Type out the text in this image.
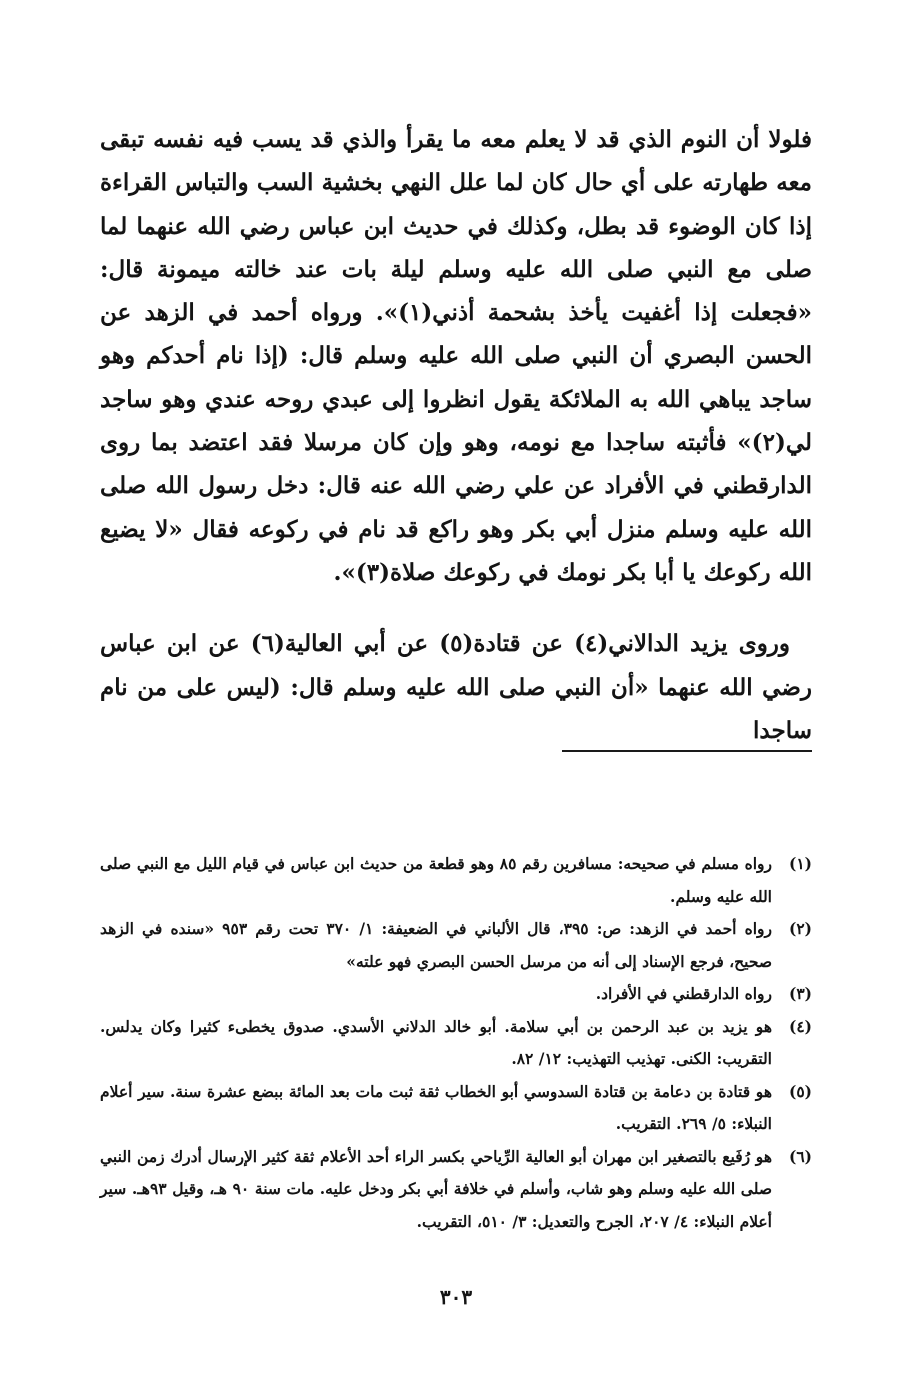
فلولا أن النوم الذي قد لا يعلم معه ما يقرأ والذي قد يسب فيه نفسه تبقى معه طهارته على أي حال كان لما علل النهي بخشية السب والتباس القراءة إذا كان الوضوء قد بطل، وكذلك في حديث ابن عباس رضي الله عنهما لما صلى مع النبي صلى الله عليه وسلم ليلة بات عند خالته ميمونة قال: «فجعلت إذا أغفيت يأخذ بشحمة أذني(١)». ورواه أحمد في الزهد عن الحسن البصري أن النبي صلى الله عليه وسلم قال: (إذا نام أحدكم وهو ساجد يباهي الله به الملائكة يقول انظروا إلى عبدي روحه عندي وهو ساجد لي(٢)» فأثبته ساجدا مع نومه، وهو وإن كان مرسلا فقد اعتضد بما روى الدارقطني في الأفراد عن علي رضي الله عنه قال: دخل رسول الله صلى الله عليه وسلم منزل أبي بكر وهو راكع قد نام في ركوعه فقال «لا يضيع الله ركوعك يا أبا بكر نومك في ركوعك صلاة(٣)».

وروى يزيد الدالاني(٤) عن قتادة(٥) عن أبي العالية(٦) عن ابن عباس رضي الله عنهما «أن النبي صلى الله عليه وسلم قال: (ليس على من نام ساجدا

(١)
رواه مسلم في صحيحه: مسافرين رقم ٨٥ وهو قطعة من حديث ابن عباس في قيام الليل مع النبي صلى الله عليه وسلم.
(٢)
رواه أحمد في الزهد: ص: ٣٩٥، قال الألباني في الضعيفة: ١/ ٣٧٠ تحت رقم ٩٥٣ «سنده في الزهد صحيح، فرجع الإسناد إلى أنه من مرسل الحسن البصري فهو علته»
(٣)
رواه الدارقطني في الأفراد.
(٤)
هو يزيد بن عبد الرحمن بن أبي سلامة. أبو خالد الدلاني الأسدي. صدوق يخطىء كثيرا وكان يدلس. التقريب: الكنى. تهذيب التهذيب: ١٢/ ٨٢.
(٥)
هو قتادة بن دعامة بن قتادة السدوسي أبو الخطاب ثقة ثبت مات بعد المائة ببضع عشرة سنة. سير أعلام النبلاء: ٥/ ٢٦٩. التقريب.
(٦)
هو رُفَيع بالتصغير ابن مهران أبو العالية الرِّياحي بكسر الراء أحد الأعلام ثقة كثير الإرسال أدرك زمن النبي صلى الله عليه وسلم وهو شاب، وأسلم في خلافة أبي بكر ودخل عليه. مات سنة ٩٠ هـ، وقيل ٩٣هـ. سير أعلام النبلاء: ٤/ ٢٠٧، الجرح والتعديل: ٣/ ٥١٠، التقريب.
٣٠٣
